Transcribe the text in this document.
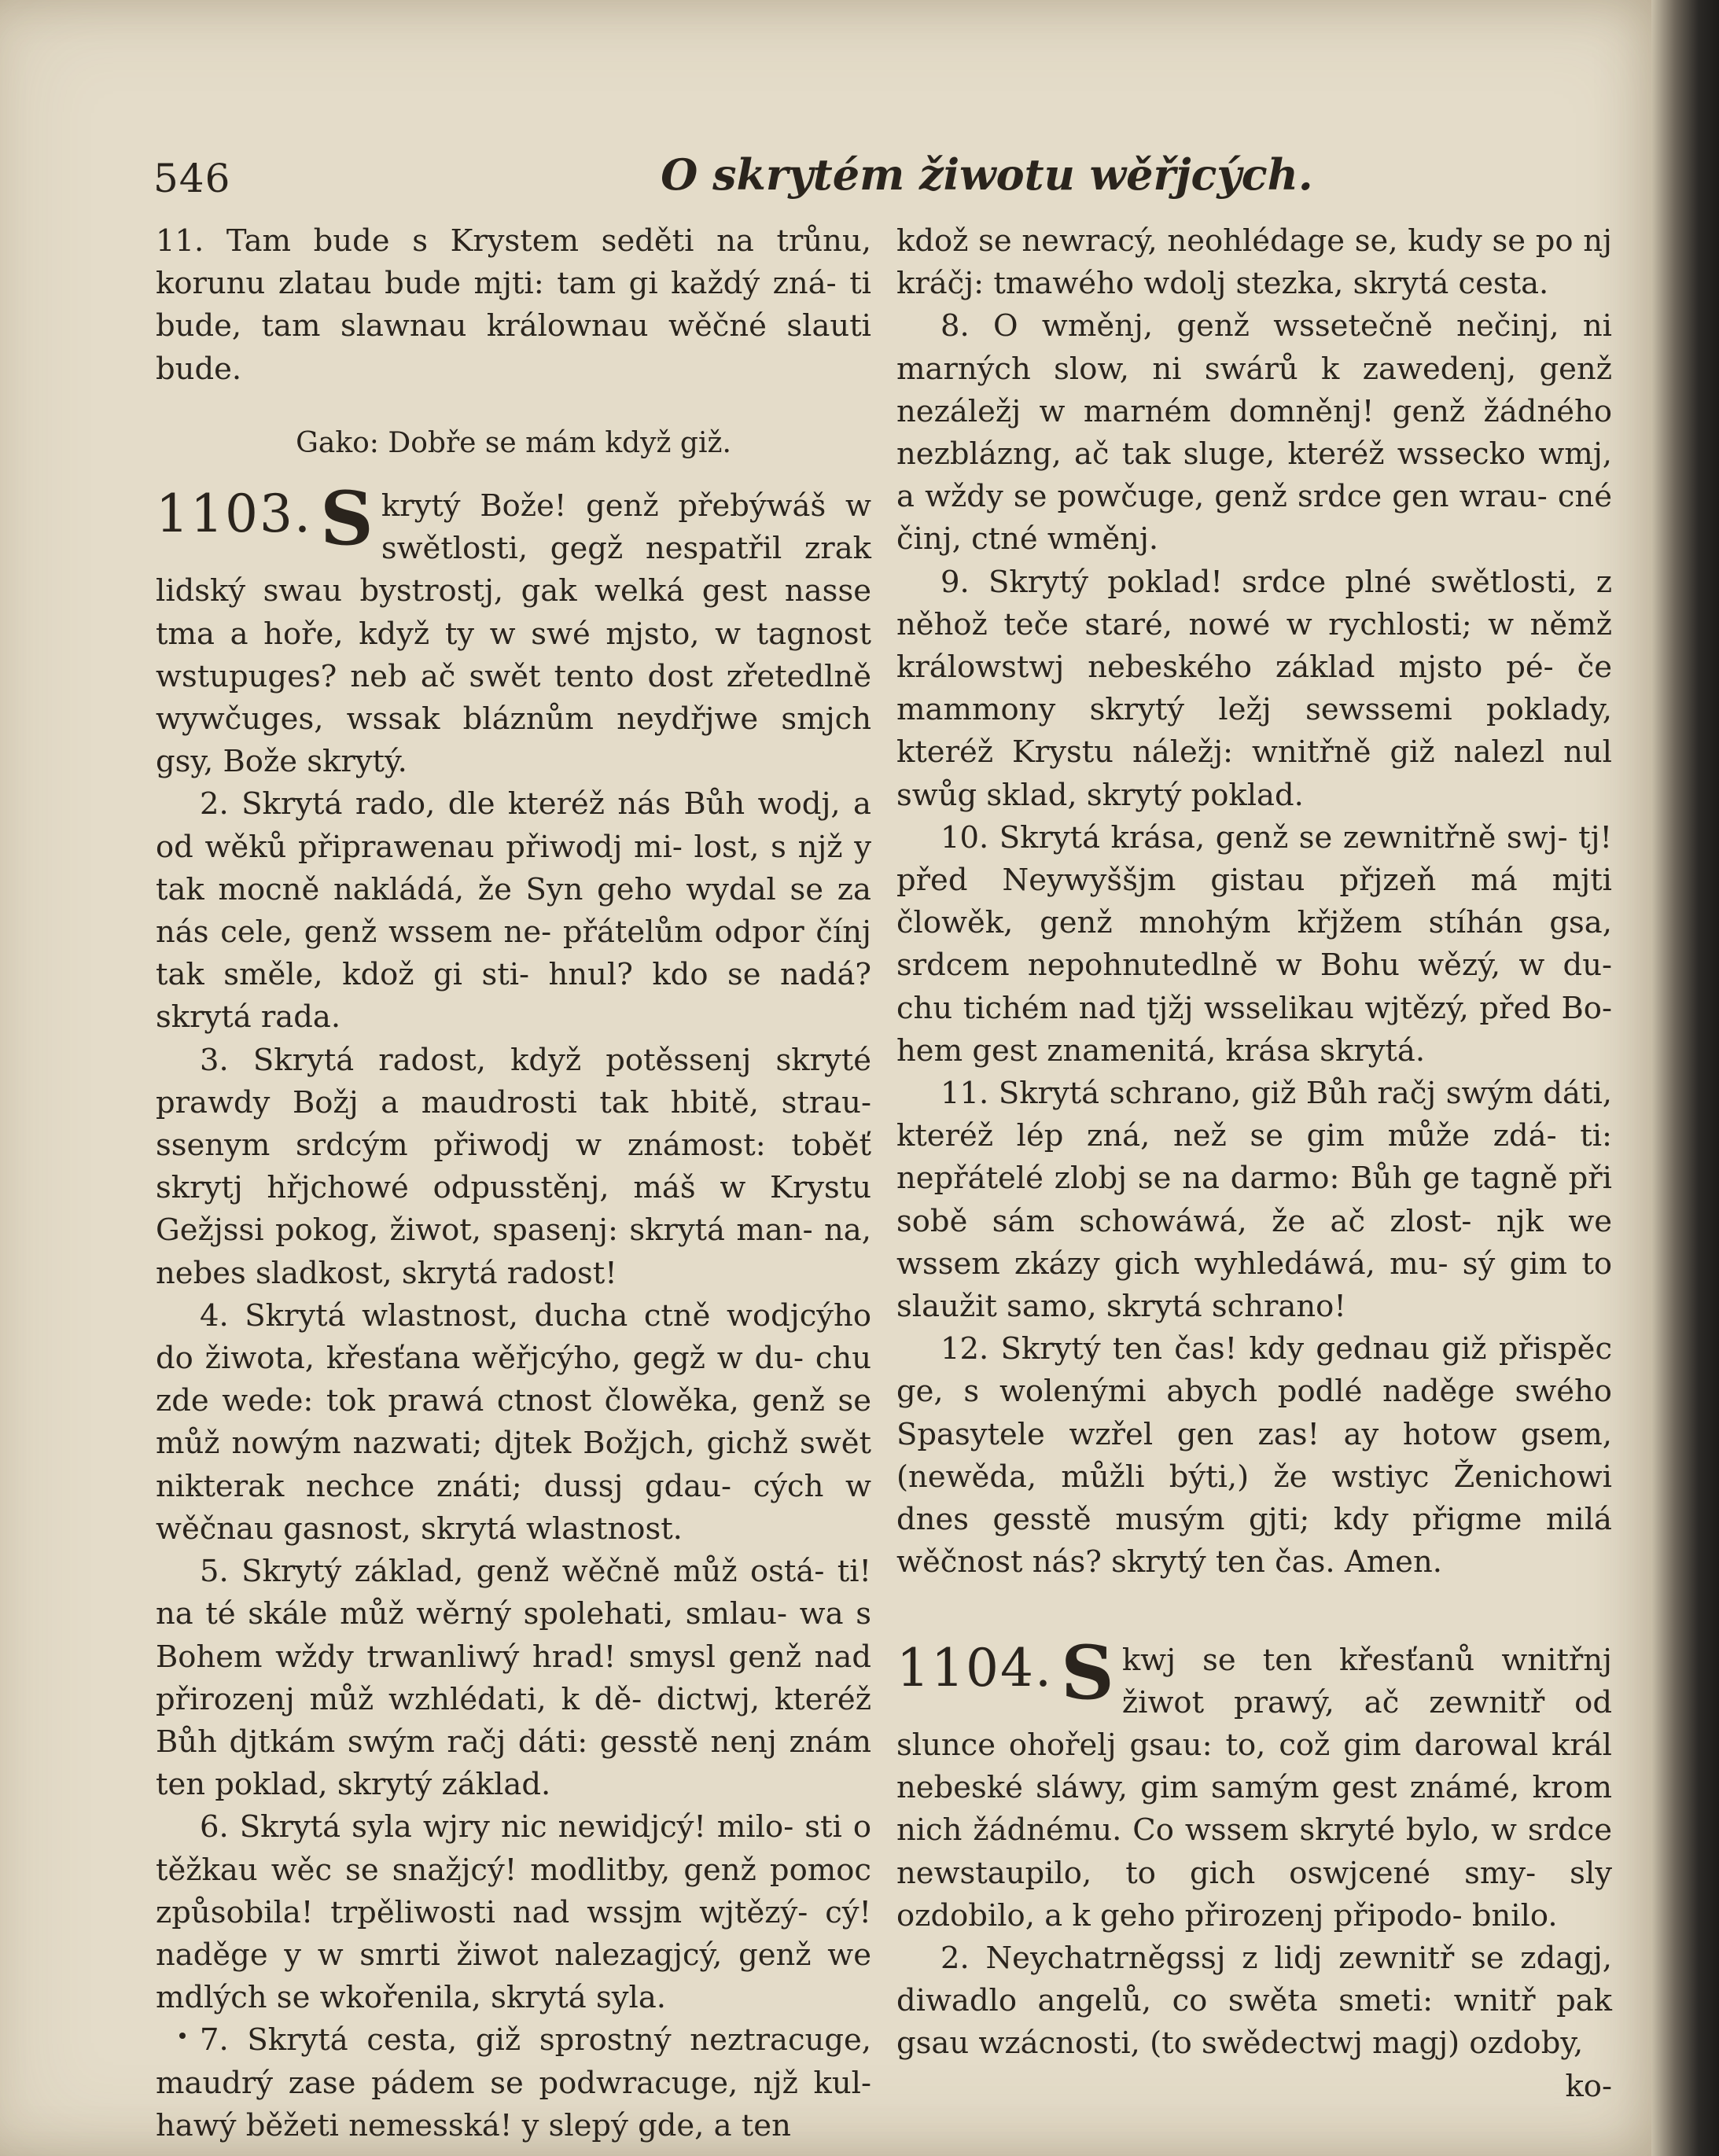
546	O skrytém žiwotu wěřjcých.

11. Tam bude s Krystem seděti na trůnu, korunu zlatau bude mjti: tam gi každý zná- ti bude, tam slawnau králownau wěčné slauti bude.

Gako: Dobře se mám když giž.

1103. S krytý Bože! genž přebýwáš w swětlosti, gegž nespatřil zrak lidský swau bystrostj, gak welká gest nasse tma a hoře, když ty w swé mjsto, w tagnost wstupuges? neb ač swět tento dost zřetedlně wywčuges, wssak bláznům neydřjwe smjch gsy, Bože skrytý.

2. Skrytá rado, dle kteréž nás Bůh wodj, a od wěků připrawenau přiwodj mi- lost, s njž y tak mocně nakládá, že Syn geho wydal se za nás cele, genž wssem ne- přátelům odpor čínj tak směle, kdož gi sti- hnul? kdo se nadá? skrytá rada.

3. Skrytá radost, když potěssenj skryté prawdy Božj a maudrosti tak hbitě, strau- ssenym srdcým přiwodj w známost: toběť skrytj hřjchowé odpusstěnj, máš w Krystu Gežjssi pokog, žiwot, spasenj: skrytá man- na, nebes sladkost, skrytá radost!

4. Skrytá wlastnost, ducha ctně wodjcýho do žiwota, křesťana wěřjcýho, gegž w du- chu zde wede: tok prawá ctnost člowěka, genž se můž nowým nazwati; djtek Božjch, gichž swět nikterak nechce znáti; dussj gdau- cých w wěčnau gasnost, skrytá wlastnost.

5. Skrytý základ, genž wěčně můž ostá- ti! na té skále můž wěrný spolehati, smlau- wa s Bohem wždy trwanliwý hrad! smysl genž nad přirozenj můž wzhlédati, k dě- dictwj, kteréž Bůh djtkám swým račj dáti: gesstě nenj znám ten poklad, skrytý základ.

6. Skrytá syla wjry nic newidjcý! milo- sti o těžkau wěc se snažjcý! modlitby, genž pomoc způsobila! trpěliwosti nad wssjm wjtězý- cý! naděge y w smrti žiwot nalezagjcý, genž we mdlých se wkořenila, skrytá syla.

7. Skrytá cesta, giž sprostný neztracuge, maudrý zase pádem se podwracuge, njž kul- hawý běžeti nemesská! y slepý gde, a ten

kdož se newracý, neohlédage se, kudy se po nj kráčj: tmawého wdolj stezka, skrytá cesta.

8. O wměnj, genž wssetečně nečinj, ni marných slow, ni swárů k zawedenj, genž nezáležj w marném domněnj! genž žádného nezblázng, ač tak sluge, kteréž wssecko wmj, a wždy se powčuge, genž srdce gen wrau- cné činj, ctné wměnj.

9. Skrytý poklad! srdce plné swětlosti, z něhož teče staré, nowé w rychlosti; w němž králowstwj nebeského základ mjsto pé- če mammony skrytý ležj sewssemi poklady, kteréž Krystu náležj: wnitřně giž nalezl nul swůg sklad, skrytý poklad.

10. Skrytá krása, genž se zewnitřně swj- tj! před Neywyššjm gistau přjzeň má mjti člowěk, genž mnohým křjžem stíhán gsa, srdcem nepohnutedlně w Bohu wězý, w du- chu tichém nad tjžj wsselikau wjtězý, před Bo- hem gest znamenitá, krása skrytá.

11. Skrytá schrano, giž Bůh račj swým dáti, kteréž lép zná, než se gim může zdá- ti: nepřátelé zlobj se na darmo: Bůh ge tagně při sobě sám schowáwá, že ač zlost- njk we wssem zkázy gich wyhledáwá, mu- sý gim to slaužit samo, skrytá schrano!

12. Skrytý ten čas! kdy gednau giž přispěc ge, s wolenými abych podlé naděge swého Spasytele wzřel gen zas! ay hotow gsem, (newěda, můžli býti,) že wstiyc Ženichowi dnes gesstě musým gjti; kdy přigme milá wěčnost nás? skrytý ten čas. Amen.

1104. S kwj se ten křesťanů wnitřnj žiwot prawý, ač zewnitř od slunce ohořelj gsau: to, což gim darowal král nebeské sláwy, gim samým gest známé, krom nich žádnému. Co wssem skryté bylo, w srdce newstaupilo, to gich oswjcené smy- sly ozdobilo, a k geho přirozenj připodo- bnilo.

2. Neychatrněgssj z lidj zewnitř se zdagj, diwadlo angelů, co swěta smeti: wnitř pak gsau wzácnosti, (to swědectwj magj) ozdoby,

ko-
